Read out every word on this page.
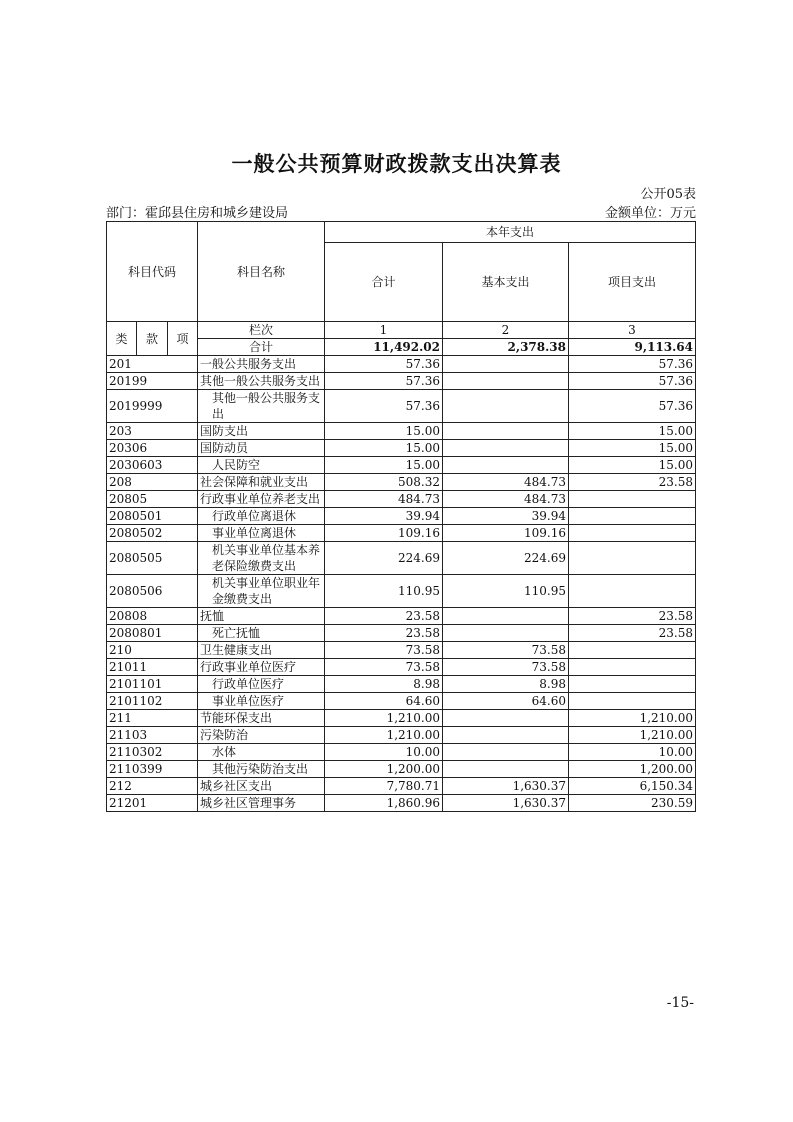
一般公共预算财政拨款支出决算表
公开05表
部门：霍邱县住房和城乡建设局	金额单位：万元
科目代码			科目名称	本年支出		
				合计	基本支出	项目支出
类	款	项	栏次	1	2	3
			合计	11,492.02	2,378.38	9,113.64
201			一般公共服务支出	57.36		57.36
20199			其他一般公共服务支出	57.36		57.36
2019999			其他一般公共服务支出	57.36		57.36
203			国防支出	15.00		15.00
20306			国防动员	15.00		15.00
2030603			人民防空	15.00		15.00
208			社会保障和就业支出	508.32	484.73	23.58
20805			行政事业单位养老支出	484.73	484.73	
2080501			行政单位离退休	39.94	39.94	
2080502			事业单位离退休	109.16	109.16	
2080505			机关事业单位基本养老保险缴费支出	224.69	224.69	
2080506			机关事业单位职业年金缴费支出	110.95	110.95	
20808			抚恤	23.58		23.58
2080801			死亡抚恤	23.58		23.58
210			卫生健康支出	73.58	73.58	
21011			行政事业单位医疗	73.58	73.58	
2101101			行政单位医疗	8.98	8.98	
2101102			事业单位医疗	64.60	64.60	
211			节能环保支出	1,210.00		1,210.00
21103			污染防治	1,210.00		1,210.00
2110302			水体	10.00		10.00
2110399			其他污染防治支出	1,200.00		1,200.00
212			城乡社区支出	7,780.71	1,630.37	6,150.34
21201			城乡社区管理事务	1,860.96	1,630.37	230.59
-15-
